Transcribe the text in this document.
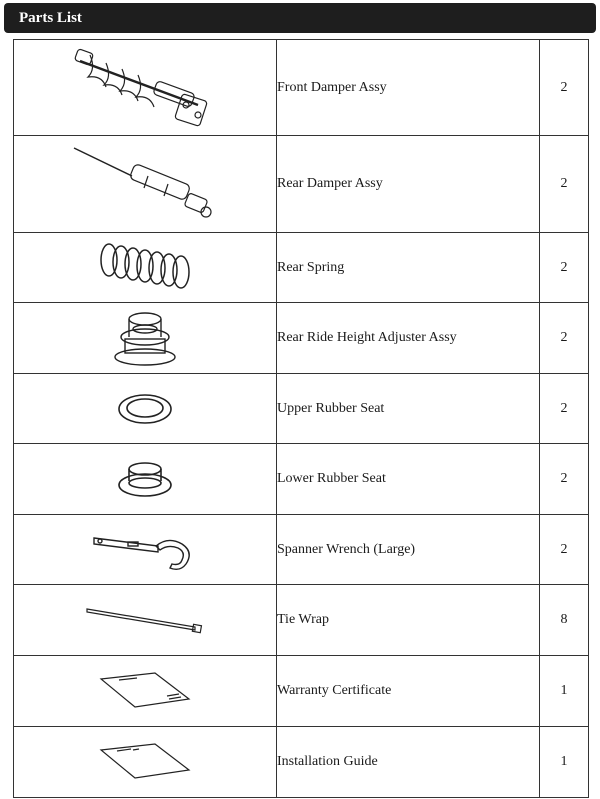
Parts List
	Front Damper Assy	2

	Rear Damper Assy	2

	Rear Spring	2

	Rear Ride Height Adjuster Assy	2

	Upper Rubber Seat	2

	Lower Rubber Seat	2

	Spanner Wrench (Large)	2

	Tie Wrap	8

	Warranty Certificate	1

	Installation Guide	1
